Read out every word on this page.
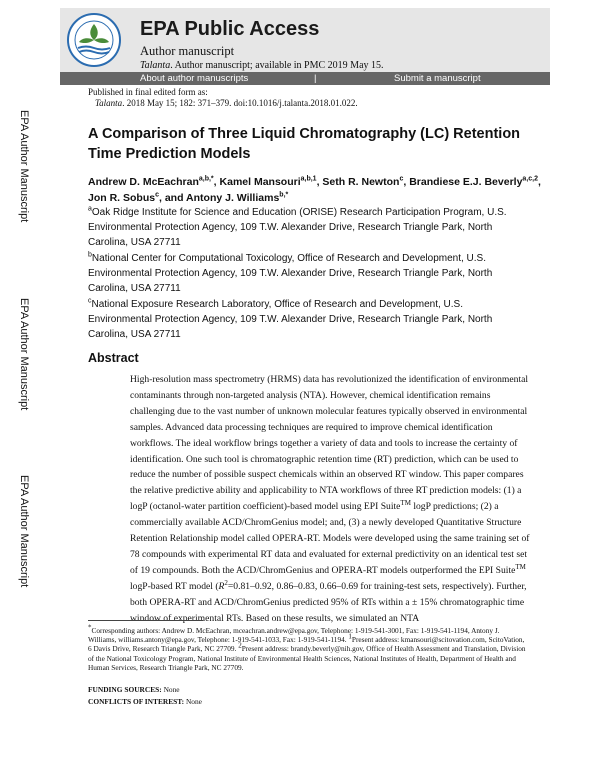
EPA Public Access
Author manuscript
Talanta. Author manuscript; available in PMC 2019 May 15.
About author manuscripts	|	Submit a manuscript
Published in final edited form as:
Talanta. 2018 May 15; 182: 371–379. doi:10.1016/j.talanta.2018.01.022.
EPA Author Manuscript
EPA Author Manuscript
EPA Author Manuscript
A Comparison of Three Liquid Chromatography (LC) Retention Time Prediction Models
Andrew D. McEachran$^{a,b,*}$, Kamel Mansouri$^{a,b,1}$, Seth R. Newton$^c$, Brandiese E.J. Beverly$^{a,c,2}$, Jon R. Sobus$^c$, and Antony J. Williams$^{b,*}$
$^a$Oak Ridge Institute for Science and Education (ORISE) Research Participation Program, U.S. Environmental Protection Agency, 109 T.W. Alexander Drive, Research Triangle Park, North Carolina, USA 27711
$^b$National Center for Computational Toxicology, Office of Research and Development, U.S. Environmental Protection Agency, 109 T.W. Alexander Drive, Research Triangle Park, North Carolina, USA 27711
$^c$National Exposure Research Laboratory, Office of Research and Development, U.S. Environmental Protection Agency, 109 T.W. Alexander Drive, Research Triangle Park, North Carolina, USA 27711
Abstract
High-resolution mass spectrometry (HRMS) data has revolutionized the identification of environmental contaminants through non-targeted analysis (NTA). However, chemical identification remains challenging due to the vast number of unknown molecular features typically observed in environmental samples. Advanced data processing techniques are required to improve chemical identification workflows. The ideal workflow brings together a variety of data and tools to increase the certainty of identification. One such tool is chromatographic retention time (RT) prediction, which can be used to reduce the number of possible suspect chemicals within an observed RT window. This paper compares the relative predictive ability and applicability to NTA workflows of three RT prediction models: (1) a logP (octanol-water partition coefficient)-based model using EPI Suite™ logP predictions; (2) a commercially available ACD/ChromGenius model; and, (3) a newly developed Quantitative Structure Retention Relationship model called OPERA-RT. Models were developed using the same training set of 78 compounds with experimental RT data and evaluated for external predictivity on an identical test set of 19 compounds. Both the ACD/ChromGenius and OPERA-RT models outperformed the EPI Suite™ logP-based RT model ($R^2=0.81-0.92$, 0.86–0.83, 0.66–0.69 for training-test sets, respectively). Further, both OPERA-RT and ACD/ChromGenius predicted 95% of RTs within a ± 15% chromatographic time window of experimental RTs. Based on these results, we simulated an NTA
*Corresponding authors: Andrew D. McEachran, mceachran.andrew@epa.gov, Telephone: 1-919-541-3001, Fax: 1-919-541-1194, Antony J. Williams, williams.antony@epa.gov, Telephone: 1-919-541-1033, Fax: 1-919-541-1194. $^1$Present address: kmansouri@scitovation.com, ScitoVation, 6 Davis Drive, Research Triangle Park, NC 27709. $^2$Present address: brandy.beverly@nih.gov, Office of Health Assessment and Translation, Division of the National Toxicology Program, National Institute of Environmental Health Sciences, National Institutes of Health, Department of Health and Human Services, Research Triangle Park, NC 27709.
FUNDING SOURCES: None
CONFLICTS OF INTEREST: None
